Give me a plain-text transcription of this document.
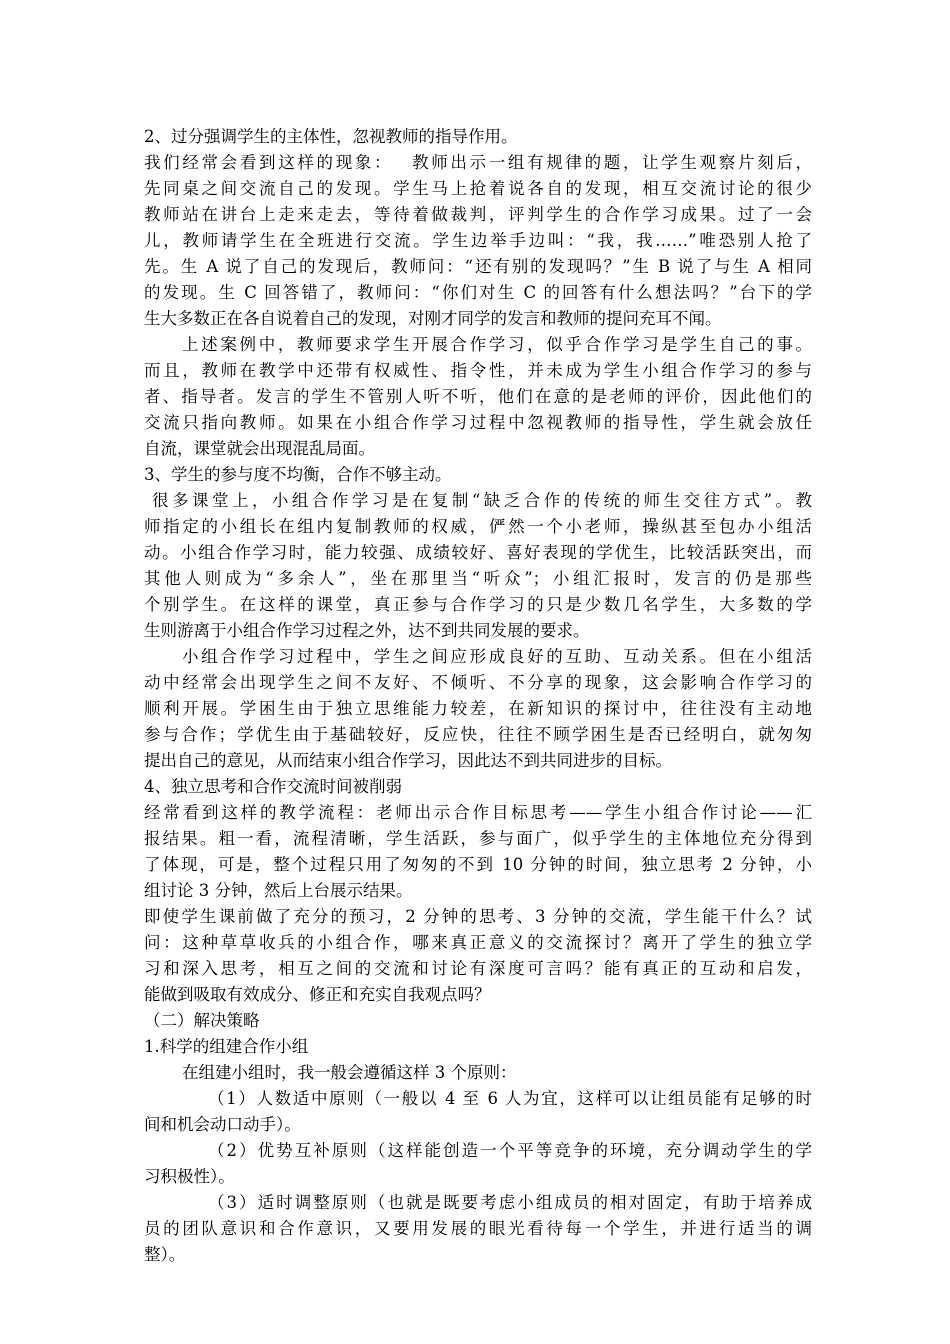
2、过分强调学生的主体性，忽视教师的指导作用。

我们经常会看到这样的现象：　 教师出示一组有规律的题，让学生观察片刻后，

先同桌之间交流自己的发现。学生马上抢着说各自的发现，相互交流讨论的很少

教师站在讲台上走来走去，等待着做裁判，评判学生的合作学习成果。过了一会

儿，教师请学生在全班进行交流。学生边举手边叫：“我，我……”唯恐别人抢了

先。生 A 说了自己的发现后，教师问：“还有别的发现吗？”生 B 说了与生 A 相同

的发现。生 C 回答错了，教师问：“你们对生 C 的回答有什么想法吗？”台下的学

生大多数正在各自说着自己的发现，对刚才同学的发言和教师的提问充耳不闻。

上述案例中，教师要求学生开展合作学习，似乎合作学习是学生自己的事。

而且，教师在教学中还带有权威性、指令性，并未成为学生小组合作学习的参与

者、指导者。发言的学生不管别人听不听，他们在意的是老师的评价，因此他们的

交流只指向教师。如果在小组合作学习过程中忽视教师的指导性，学生就会放任

自流，课堂就会出现混乱局面。

3、学生的参与度不均衡，合作不够主动。

很多课堂上，小组合作学习是在复制“缺乏合作的传统的师生交往方式”。教

师指定的小组长在组内复制教师的权威，俨然一个小老师，操纵甚至包办小组活

动。小组合作学习时，能力较强、成绩较好、喜好表现的学优生，比较活跃突出，而

其他人则成为“多余人”，坐在那里当“听众”；小组汇报时，发言的仍是那些

个别学生。在这样的课堂，真正参与合作学习的只是少数几名学生，大多数的学

生则游离于小组合作学习过程之外，达不到共同发展的要求。

小组合作学习过程中，学生之间应形成良好的互助、互动关系。但在小组活

动中经常会出现学生之间不友好、不倾听、不分享的现象，这会影响合作学习的

顺利开展。学困生由于独立思维能力较差，在新知识的探讨中，往往没有主动地

参与合作；学优生由于基础较好，反应快，往往不顾学困生是否已经明白，就匆匆

提出自己的意见，从而结束小组合作学习，因此达不到共同进步的目标。

4、独立思考和合作交流时间被削弱

经常看到这样的教学流程：老师出示合作目标思考——学生小组合作讨论——汇

报结果。粗一看，流程清晰，学生活跃，参与面广，似乎学生的主体地位充分得到

了体现，可是，整个过程只用了匆匆的不到 10 分钟的时间，独立思考 2 分钟，小

组讨论 3 分钟，然后上台展示结果。

即使学生课前做了充分的预习，2 分钟的思考、3 分钟的交流，学生能干什么？试

问：这种草草收兵的小组合作，哪来真正意义的交流探讨？离开了学生的独立学

习和深入思考，相互之间的交流和讨论有深度可言吗？能有真正的互动和启发，

能做到吸取有效成分、修正和充实自我观点吗？

（二）解决策略

1.科学的组建合作小组

在组建小组时，我一般会遵循这样 3 个原则：

（1）人数适中原则（一般以 4 至 6 人为宜，这样可以让组员能有足够的时

间和机会动口动手）。

（2）优势互补原则（这样能创造一个平等竞争的环境，充分调动学生的学

习积极性）。

（3）适时调整原则（也就是既要考虑小组成员的相对固定，有助于培养成

员的团队意识和合作意识，又要用发展的眼光看待每一个学生，并进行适当的调

整）。
